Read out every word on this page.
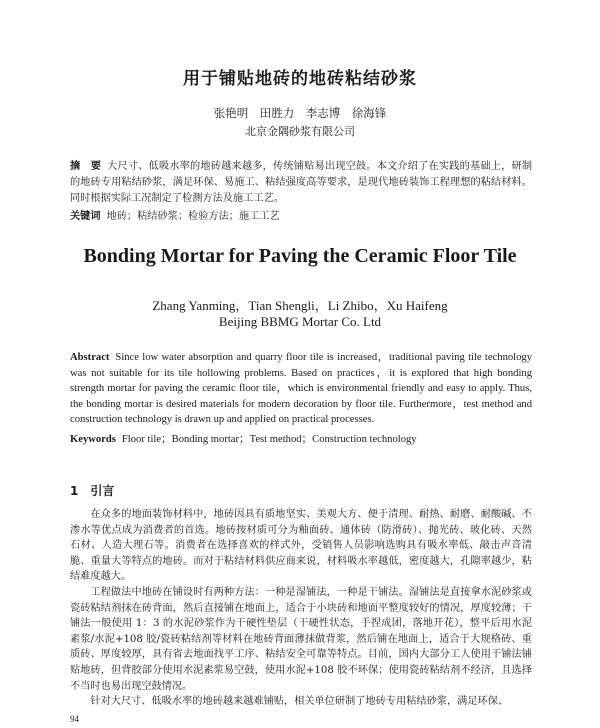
用于铺贴地砖的地砖粘结砂浆
张艳明　田胜力　李志博　徐海锋
北京金隅砂浆有限公司
摘　要 大尺寸、低吸水率的地砖越来越多，传统铺贴易出现空鼓。本文介绍了在实践的基础上，研制的地砖专用粘结砂浆，满足环保、易施工、粘结强度高等要求，是现代地砖装饰工程理想的粘结材料。同时根据实际工况制定了检测方法及施工工艺。
关键词 地砖；粘结砂浆；检验方法；施工工艺
Bonding Mortar for Paving the Ceramic Floor Tile
Zhang Yanming，Tian Shengli，Li Zhibo，Xu Haifeng
Beijing BBMG Mortar Co. Ltd
Abstract Since low water absorption and quarry floor tile is increased，traditional paving tile technology was not suitable for its tile hollowing problems. Based on practices，it is explored that high bonding strength mortar for paving the ceramic floor tile，which is environmental friendly and easy to apply. Thus, the bonding mortar is desired materials for modern decoration by floor tile. Furthermore，test method and construction technology is drawn up and applied on practical processes.
Keywords Floor tile；Bonding mortar；Test method；Construction technology
1 引言

在众多的地面装饰材料中，地砖因具有质地坚实、美观大方、便于清理、耐热、耐磨、耐酸碱、不渗水等优点成为消费者的首选。地砖按材质可分为釉面砖、通体砖（防滑砖）、抛光砖、玻化砖、天然石材、人造大理石等。消费者在选择喜欢的样式外，受销售人员影响选购具有吸水率低、敲击声音清脆、重量大等特点的地砖。而对于粘结材料供应商来说，材料吸水率越低，密度越大，孔隙率越少，粘结难度越大。

工程做法中地砖在铺设时有两种方法：一种是湿铺法，一种是干铺法。湿铺法是直接拿水泥砂浆或瓷砖粘结剂抹在砖背面，然后直接铺在地面上，适合于小块砖和地面平整度较好的情况，厚度较薄；干铺法一般使用 1：3 的水泥砂浆作为干硬性垫层（干硬性状态，手捏成团，落地开花），整平后用水泥素浆/水泥+108 胶/瓷砖粘结剂等材料在地砖背面薄抹做背浆，然后铺在地面上，适合于大规格砖、重质砖、厚度较厚，具有省去地面找平工序、粘结安全可靠等特点。目前，国内大部分工人使用干铺法铺贴地砖，但背胶部分使用水泥素浆易空鼓，使用水泥+108 胶不环保；使用瓷砖粘结剂不经济，且选择不当时也易出现空鼓情况。

针对大尺寸、低吸水率的地砖越来越难铺贴，相关单位研制了地砖专用粘结砂浆，满足环保、

94
